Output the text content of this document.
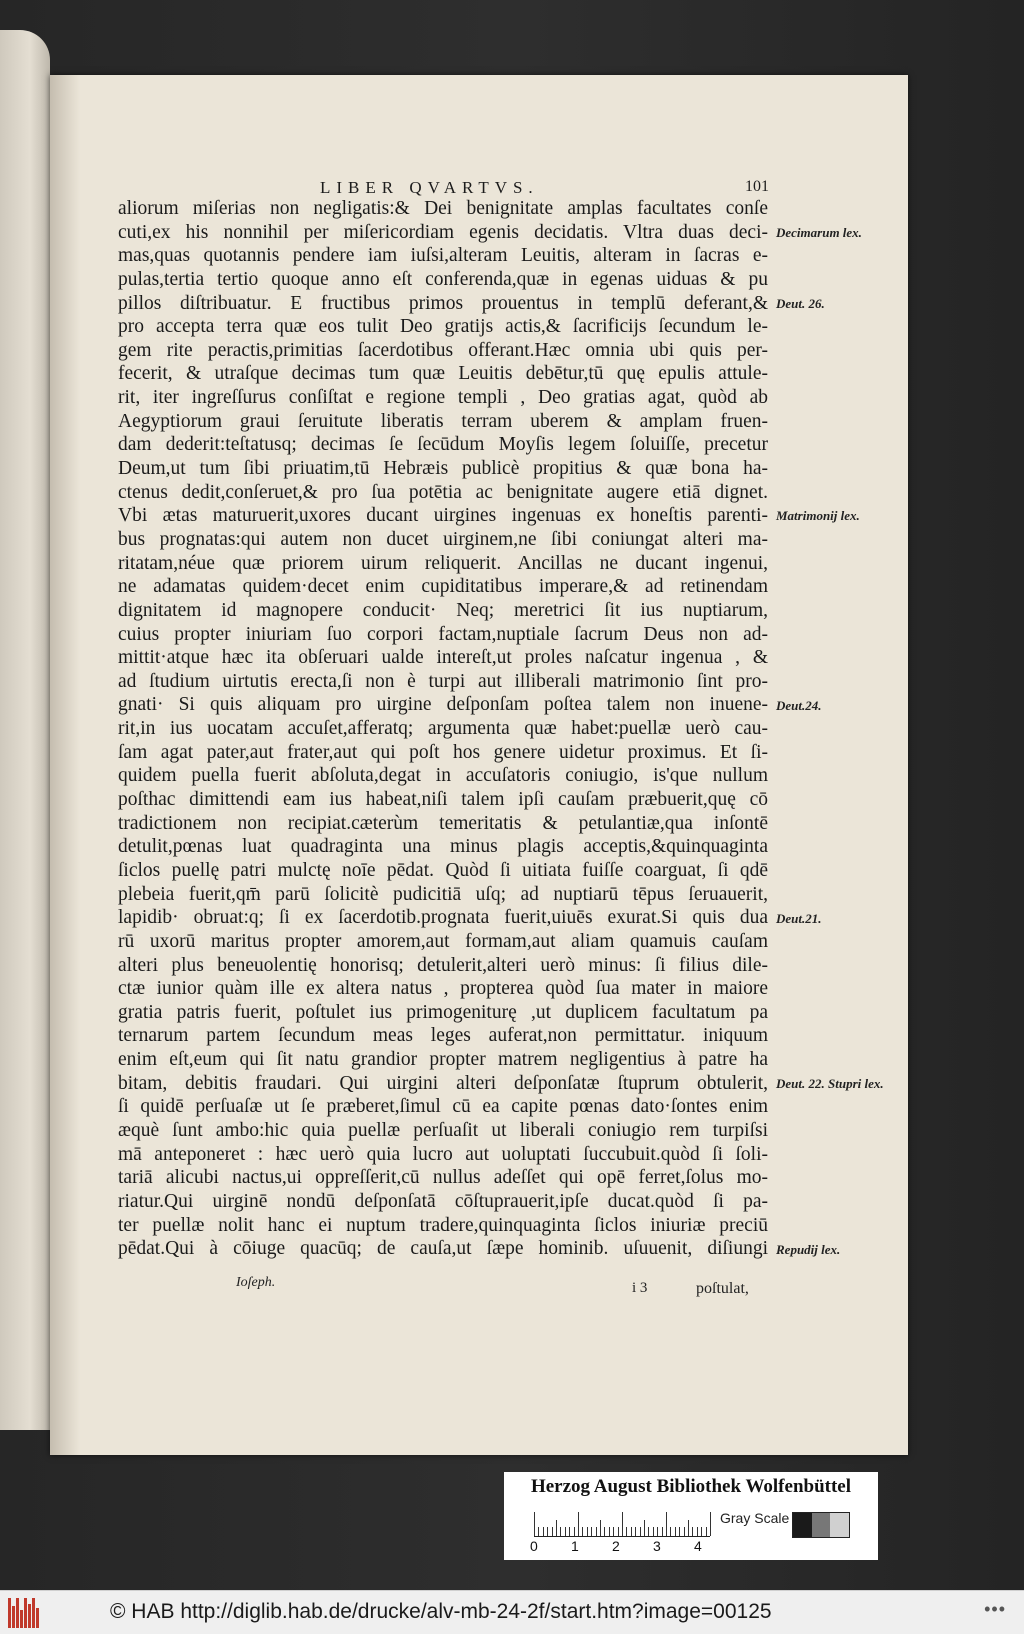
LIBER QVARTVS.	101
aliorum miſerias non negligatis:& Dei benignitate amplas facultates conſe
cuti,ex his nonnihil per miſericordiam egenis decidatis. Vltra duas deci-
mas,quas quotannis pendere iam iuſsi,alteram Leuitis, alteram in ſacras e-
pulas,tertia tertio quoque anno eſt conferenda,quæ in egenas uiduas & pu
pillos diſtribuatur. E fructibus primos prouentus in templū deferant,&
pro accepta terra quæ eos tulit Deo gratijs actis,& ſacrificijs ſecundum le-
gem rite peractis,primitias ſacerdotibus offerant.Hæc omnia ubi quis per-
fecerit, & utraſque decimas tum quæ Leuitis debētur,tū quę epulis attule-
rit, iter ingreſſurus conſiſtat e regione templi , Deo gratias agat, quòd ab
Aegyptiorum graui ſeruitute liberatis terram uberem & amplam fruen-
dam dederit:teſtatusq; decimas ſe ſecūdum Moyſis legem ſoluiſſe, precetur
Deum,ut tum ſibi priuatim,tū Hebræis publicè propitius & quæ bona ha-
ctenus dedit,conſeruet,& pro ſua potētia ac benignitate augere etiā dignet.
Vbi ætas maturuerit,uxores ducant uirgines ingenuas ex honeſtis parenti-
bus prognatas:qui autem non ducet uirginem,ne ſibi coniungat alteri ma-
ritatam,néue quæ priorem uirum reliquerit. Ancillas ne ducant ingenui,
ne adamatas quidem·decet enim cupiditatibus imperare,& ad retinendam
dignitatem id magnopere conducit· Neq; meretrici ſit ius nuptiarum,
cuius propter iniuriam ſuo corpori factam,nuptiale ſacrum Deus non ad-
mittit·atque hæc ita obſeruari ualde intereſt,ut proles naſcatur ingenua , &
ad ſtudium uirtutis erecta,ſi non è turpi aut illiberali matrimonio ſint pro-
gnati· Si quis aliquam pro uirgine deſponſam poſtea talem non inuene-
rit,in ius uocatam accuſet,afferatq; argumenta quæ habet:puellæ uerò cau-
ſam agat pater,aut frater,aut qui poſt hos genere uidetur proximus. Et ſi-
quidem puella fuerit abſoluta,degat in accuſatoris coniugio, is'que nullum
poſthac dimittendi eam ius habeat,niſi talem ipſi cauſam præbuerit,quę cō
tradictionem non recipiat.cæterùm temeritatis & petulantiæ,qua inſontē
detulit,pœnas luat quadraginta una minus plagis acceptis,&quinquaginta
ſiclos puellę patri mulctę noīe pēdat. Quòd ſi uitiata fuiſſe coarguat, ſi qdē
plebeia fuerit,qm̄ parū ſolicitè pudicitiā uſq; ad nuptiarū tēpus ſeruauerit,
lapidib· obruat:q; ſi ex ſacerdotib.prognata fuerit,uiuēs exurat.Si quis dua
rū uxorū maritus propter amorem,aut formam,aut aliam quamuis cauſam
alteri plus beneuolentię honorisq; detulerit,alteri uerò minus: ſi filius dile-
ctæ iunior quàm ille ex altera natus , propterea quòd ſua mater in maiore
gratia patris fuerit, poſtulet ius primogeniturę ,ut duplicem facultatum pa
ternarum partem ſecundum meas leges auferat,non permittatur. iniquum
enim eſt,eum qui ſit natu grandior propter matrem negligentius à patre ha
bitam, debitis fraudari. Qui uirgini alteri deſponſatæ ſtuprum obtulerit,
ſi quidē perſuaſæ ut ſe præberet,ſimul cū ea capite pœnas dato·ſontes enim
æquè ſunt ambo:hic quia puellæ perſuaſit ut liberali coniugio rem turpiſsi
mā anteponeret : hæc uerò quia lucro aut uoluptati ſuccubuit.quòd ſi ſoli-
tariā alicubi nactus,ui oppreſſerit,cū nullus adeſſet qui opē ferret,ſolus mo-
riatur.Qui uirginē nondū deſponſatā cōſtuprauerit,ipſe ducat.quòd ſi pa-
ter puellæ nolit hanc ei nuptum tradere,quinquaginta ſiclos iniuriæ preciū
pēdat.Qui à cōiuge quacūq; de cauſa,ut ſæpe hominib. uſuuenit, diſiungi
Decimarum lex.
Deut. 26.
Matrimonij lex.
Deut.24.
Deut.21.
Deut. 22. Stupri lex.
Repudij lex.
Ioſeph.	i 3	poſtulat,
Herzog August Bibliothek Wolfenbüttel
0 1 2 3 4
Gray Scale
© HAB http://diglib.hab.de/drucke/alv-mb-24-2f/start.htm?image=00125	•••
